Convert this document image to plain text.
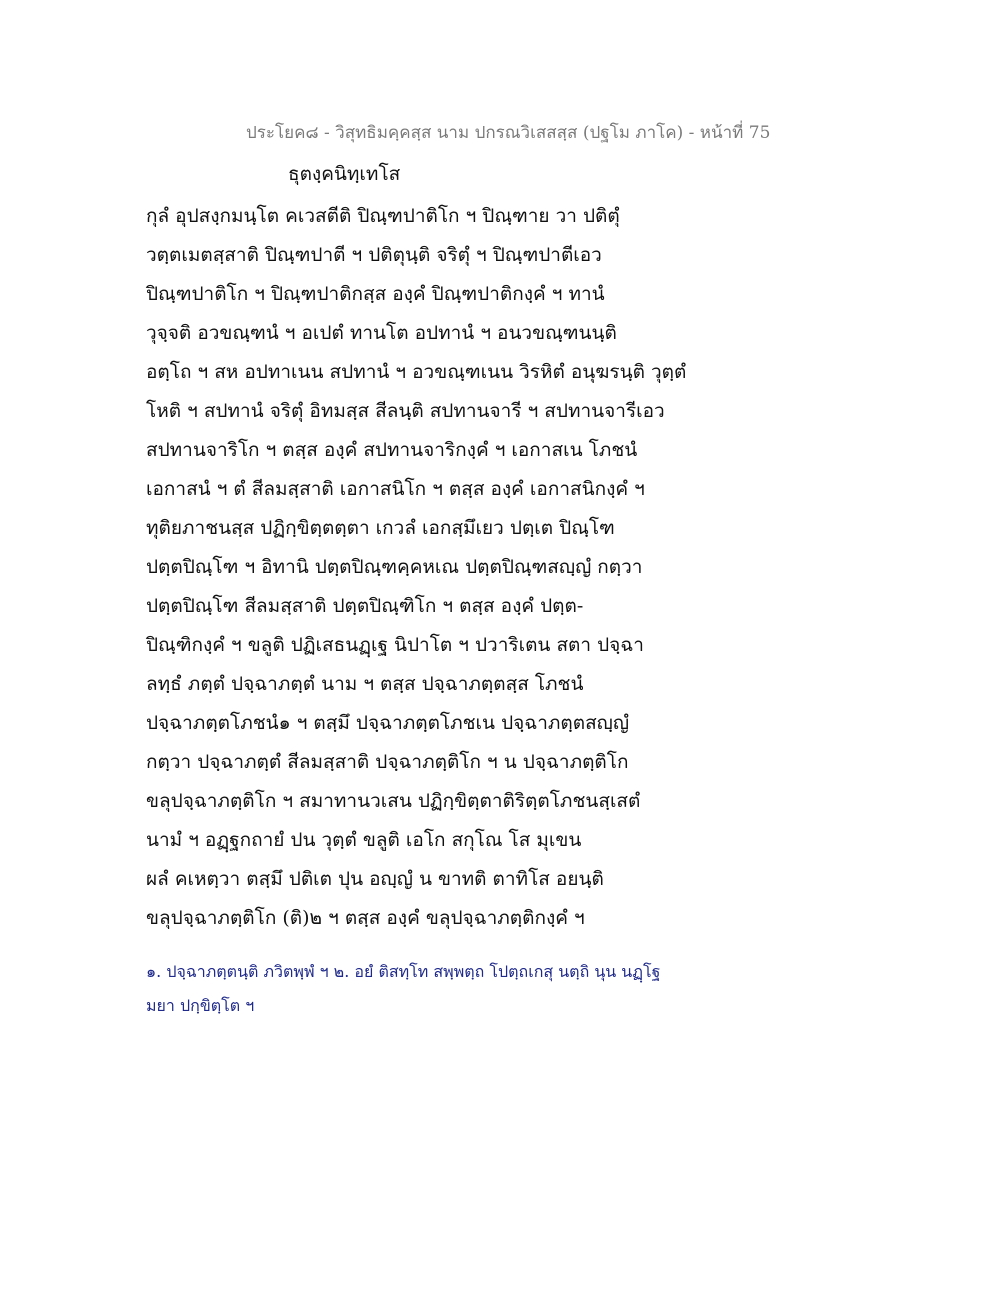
ประโยค๘ - วิสุทธิมคฺคสฺส นาม ปกรณวิเสสสฺส (ปฐโม ภาโค) - หน้าที่ 75
ธุตงฺคนิทฺเทโส
กุลํ อุปสงฺกมนฺโต คเวสตีติ ปิณฺฑปาติโก ฯ ปิณฺฑาย วา ปติตุํ
วตฺตเมตสฺสาติ ปิณฺฑปาตี ฯ ปติตุนฺติ จริตุํ ฯ ปิณฺฑปาตีเอว
ปิณฺฑปาติโก ฯ ปิณฺฑปาติกสฺส องฺคํ ปิณฺฑปาติกงฺคํ ฯ ทานํ
วุจฺจติ อวขณฺฑนํ ฯ อเปตํ ทานโต อปทานํ ฯ อนวขณฺฑนนฺติ
อตฺโถ ฯ สห อปทาเนน สปทานํ ฯ อวขณฺฑเนน วิรหิตํ อนุฆรนฺติ วุตฺตํ
โหติ ฯ สปทานํ จริตุํ อิทมสฺส สีลนฺติ สปทานจารี ฯ สปทานจารีเอว
สปทานจาริโก ฯ ตสฺส องฺคํ สปทานจาริกงฺคํ ฯ เอกาสเน โภชนํ
เอกาสนํ ฯ ตํ สีลมสฺสาติ เอกาสนิโก ฯ ตสฺส องฺคํ เอกาสนิกงฺคํ ฯ
ทุติยภาชนสฺส ปฏิกฺขิตฺตตฺตา เกวลํ เอกสฺมึเยว ปตฺเต ปิณฺโฑ
ปตฺตปิณฺโฑ ฯ อิทานิ ปตฺตปิณฺฑคฺคหเณ ปตฺตปิณฺฑสญฺญํ กตฺวา
ปตฺตปิณฺโฑ สีลมสฺสาติ ปตฺตปิณฺฑิโก ฯ ตสฺส องฺคํ ปตฺต-
ปิณฺฑิกงฺคํ ฯ ขลูติ ปฏิเสธนฏฺเฐ นิปาโต ฯ ปวาริเตน สตา ปจฺฉา
ลทฺธํ ภตฺตํ ปจฺฉาภตฺตํ นาม ฯ ตสฺส ปจฺฉาภตฺตสฺส โภชนํ
ปจฺฉาภตฺตโภชนํ๑ ฯ ตสฺมึ ปจฺฉาภตฺตโภชเน ปจฺฉาภตฺตสญฺญํ
กตฺวา ปจฺฉาภตฺตํ สีลมสฺสาติ ปจฺฉาภตฺติโก ฯ น ปจฺฉาภตฺติโก
ขลุปจฺฉาภตฺติโก ฯ สมาทานวเสน ปฏิกฺขิตฺตาติริตฺตโภชนสฺเสตํ
นามํ ฯ อฏฺฐกถายํ ปน วุตฺตํ ขลูติ เอโก สกุโณ โส มุเขน
ผลํ คเหตฺวา ตสฺมึ ปติเต ปุน อญฺญํ น ขาทติ ตาทิโส อยนฺติ
ขลุปจฺฉาภตฺติโก (ติ)๒ ฯ ตสฺส องฺคํ ขลุปจฺฉาภตฺติกงฺคํ ฯ
๑. ปจฺฉาภตฺตนฺติ ภวิตพฺพํ ฯ ๒. อยํ ติสทฺโท สพฺพตฺถ โปตฺถเกสุ นตฺถิ นุน นฏฺโฐ
มยา ปกฺขิตฺโต ฯ
